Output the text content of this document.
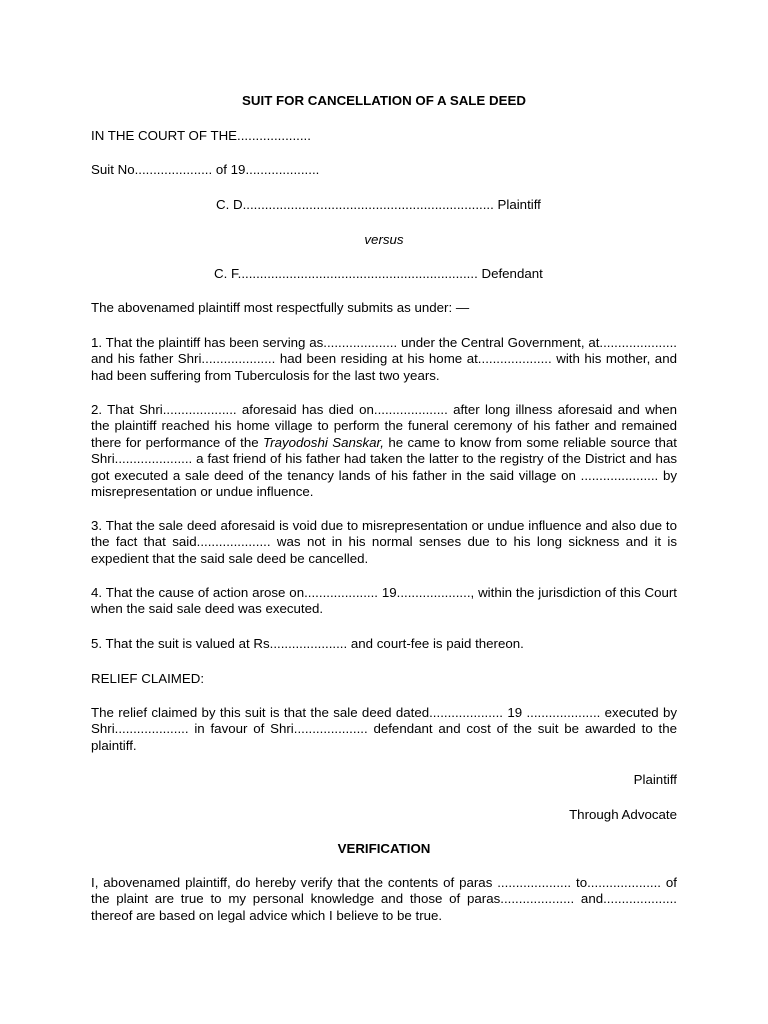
SUIT FOR CANCELLATION OF A SALE DEED

IN THE COURT OF THE....................

Suit No..................... of 19....................

C. D.................................................................... Plaintiff

versus

C. F................................................................. Defendant

The abovenamed plaintiff most respectfully submits as under: —

1. That the plaintiff has been serving as.................... under the Central Government, at..................... and his father Shri.................... had been residing at his home at.................... with his mother, and had been suffering from Tuberculosis for the last two years.

2. That Shri.................... aforesaid has died on.................... after long illness aforesaid and when the plaintiff reached his home village to perform the funeral ceremony of his father and remained there for performance of the Trayodoshi Sanskar, he came to know from some reliable source that Shri..................... a fast friend of his father had taken the latter to the registry of the District and has got executed a sale deed of the tenancy lands of his father in the said village on ..................... by misrepresentation or undue influence.

3. That the sale deed aforesaid is void due to misrepresentation or undue influence and also due to the fact that said.................... was not in his normal senses due to his long sickness and it is expedient that the said sale deed be cancelled.

4. That the cause of action arose on.................... 19...................., within the jurisdiction of this Court when the said sale deed was executed.

5. That the suit is valued at Rs..................... and court-fee is paid thereon.

RELIEF CLAIMED:

The relief claimed by this suit is that the sale deed dated.................... 19 .................... executed by Shri.................... in favour of Shri.................... defendant and cost of the suit be awarded to the plaintiff.

Plaintiff

Through Advocate

VERIFICATION

I, abovenamed plaintiff, do hereby verify that the contents of paras .................... to.................... of the plaint are true to my personal knowledge and those of paras.................... and.................... thereof are based on legal advice which I believe to be true.
